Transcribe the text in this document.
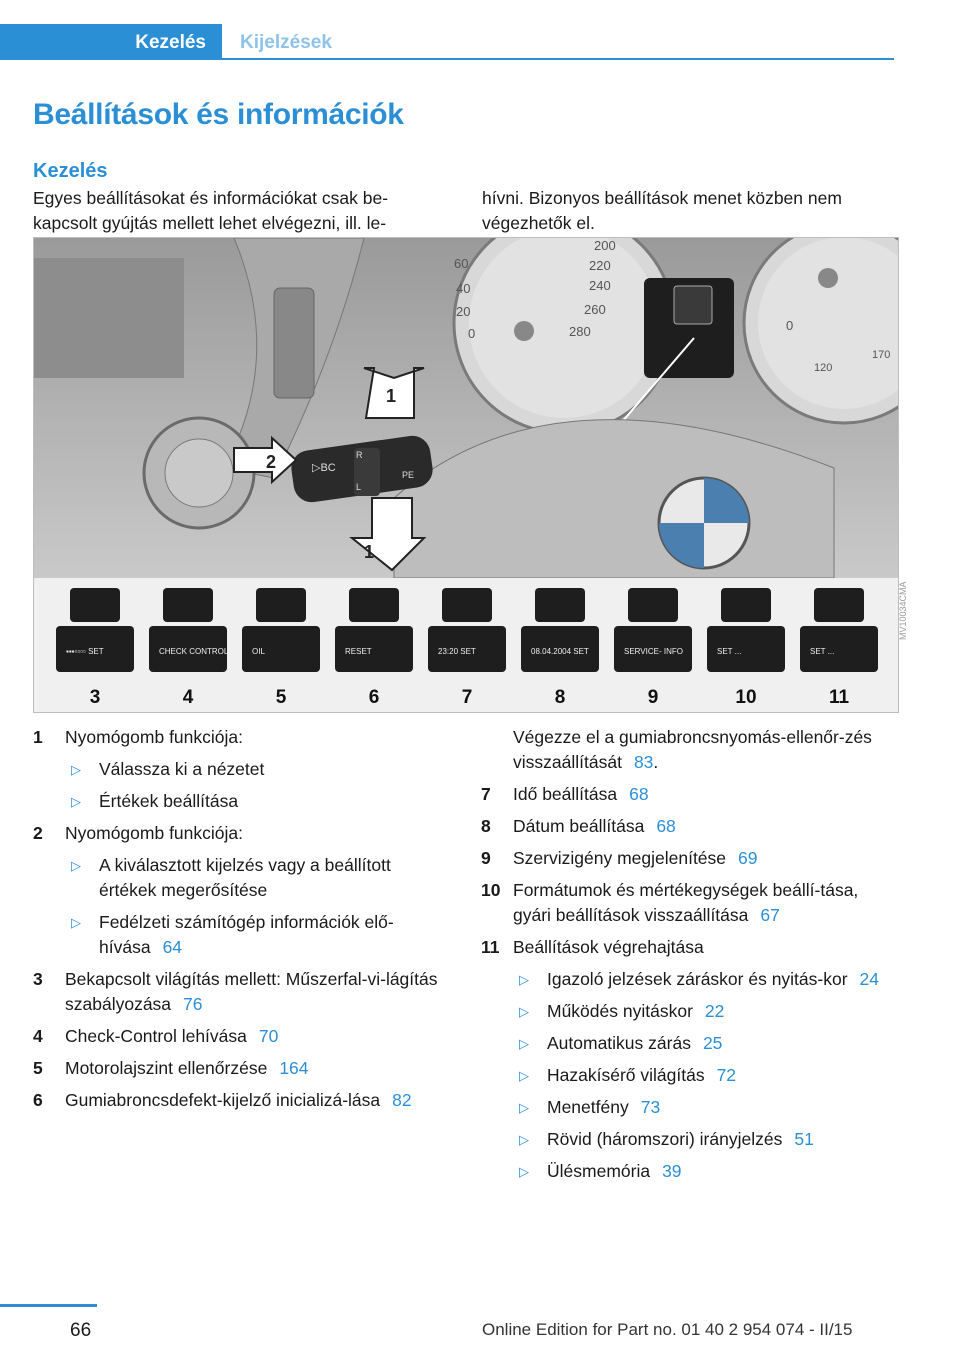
Kezelés	Kijelzések
Beállítások és információk
Kezelés

Egyes beállításokat és információkat csak be-kapcsolt gyújtás mellett lehet elvégezni, ill. le-

hívni. Bizonyos beállítások menet közben nem végezhetők el.

200
220
240
260
280
40
20
0
60
0
170
120
▷BC
R
L
PE
1
2
1
▪▪▪▫▫▫▫ SET
3
CHECK CONTROL
4
OIL
5
RESET
6
23:20 SET
7
08.04.2004 SET
8
SERVICE- INFO
9
SET ...
10
SET ...
11
MV10034CMA
1 Nyomógomb funkciója:
▷ Válassza ki a nézetet
▷ Értékek beállítása
2 Nyomógomb funkciója:
▷ A kiválasztott kijelzés vagy a beállított értékek megerősítése
▷ Fedélzeti számítógép információk elő-hívása 64
3 Bekapcsolt világítás mellett: Műszerfal-vi-lágítás szabályozása 76
4 Check-Control lehívása 70
5 Motorolajszint ellenőrzése 164
6 Gumiabroncsdefekt-kijelző inicializá-lása 82
Végezze el a gumiabroncsnyomás-ellenőr-zés visszaállítását 83.
7 Idő beállítása 68
8 Dátum beállítása 68
9 Szervizigény megjelenítése 69
10 Formátumok és mértékegységek beállí-tása, gyári beállítások visszaállítása 67
11 Beállítások végrehajtása
▷ Igazoló jelzések záráskor és nyitás-kor 24
▷ Működés nyitáskor 22
▷ Automatikus zárás 25
▷ Hazakísérő világítás 72
▷ Menetfény 73
▷ Rövid (háromszori) irányjelzés 51
▷ Ülésmemória 39
66	Online Edition for Part no. 01 40 2 954 074 - II/15
